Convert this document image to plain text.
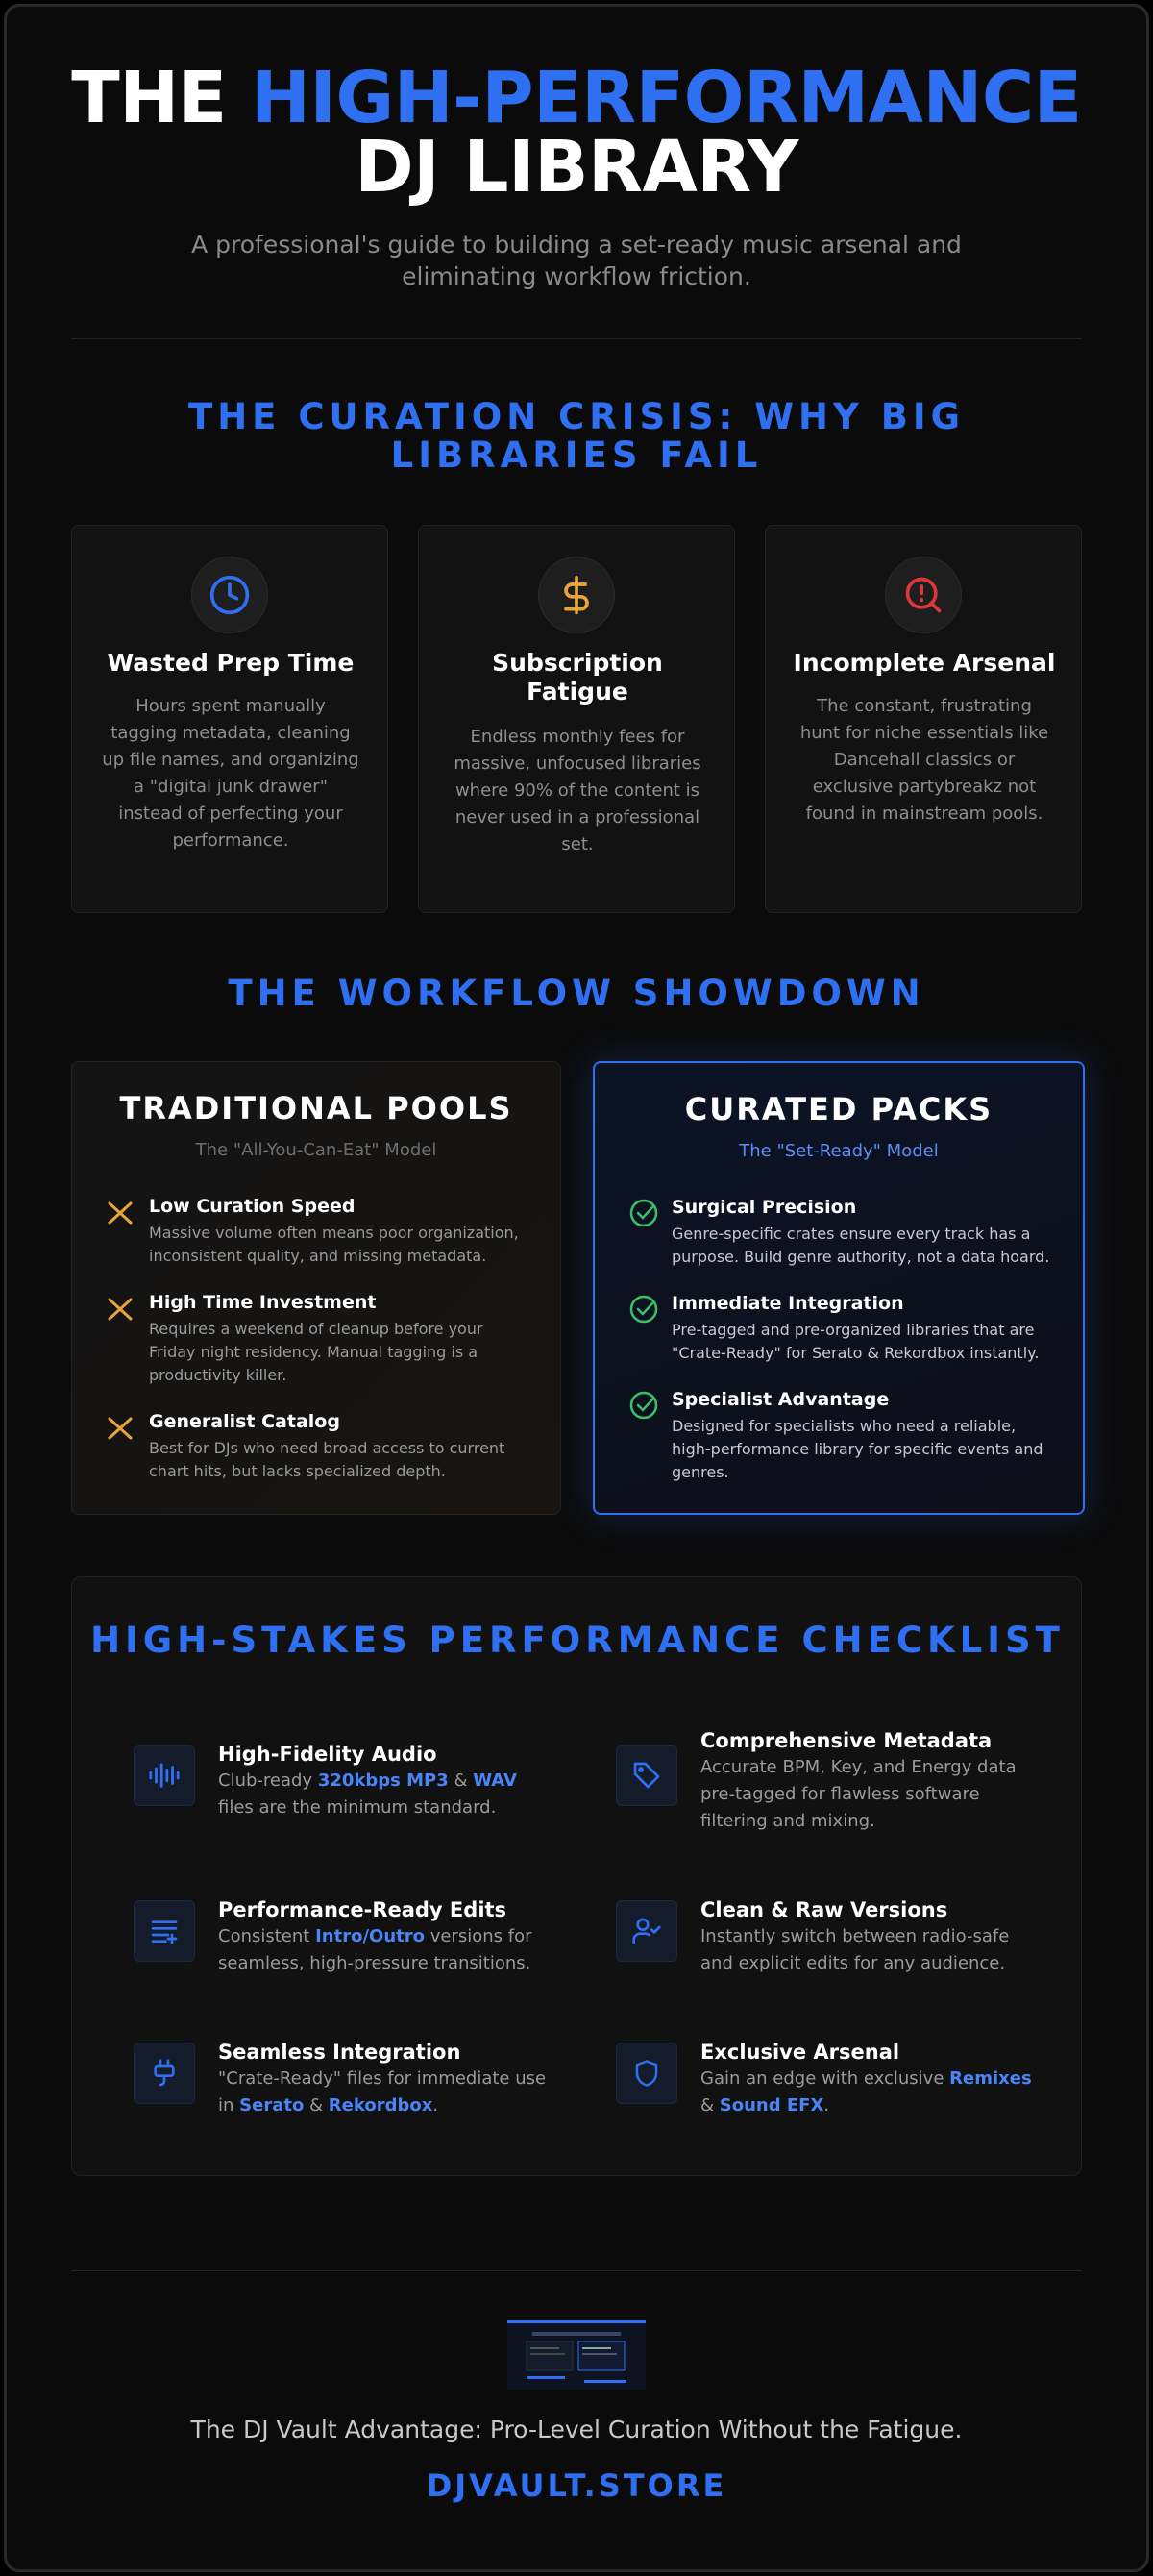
THE HIGH-PERFORMANCE
DJ LIBRARY
A professional's guide to building a set-ready music arsenal and eliminating workflow friction.
THE CURATION CRISIS: WHY BIG LIBRARIES FAIL
Wasted Prep Time
Hours spent manually tagging metadata, cleaning up file names, and organizing a "digital junk drawer" instead of perfecting your performance.
Subscription Fatigue
Endless monthly fees for massive, unfocused libraries where 90% of the content is never used in a professional set.
Incomplete Arsenal
The constant, frustrating hunt for niche essentials like Dancehall classics or exclusive partybreakz not found in mainstream pools.
THE WORKFLOW SHOWDOWN
TRADITIONAL POOLS
The "All-You-Can-Eat" Model
Low Curation Speed
Massive volume often means poor organization, inconsistent quality, and missing metadata.
High Time Investment
Requires a weekend of cleanup before your Friday night residency. Manual tagging is a productivity killer.
Generalist Catalog
Best for DJs who need broad access to current chart hits, but lacks specialized depth.
CURATED PACKS
The "Set-Ready" Model
Surgical Precision
Genre-specific crates ensure every track has a purpose. Build genre authority, not a data hoard.
Immediate Integration
Pre-tagged and pre-organized libraries that are "Crate-Ready" for Serato & Rekordbox instantly.
Specialist Advantage
Designed for specialists who need a reliable, high-performance library for specific events and genres.
HIGH-STAKES PERFORMANCE CHECKLIST
High-Fidelity Audio
Club-ready 320kbps MP3 & WAV files are the minimum standard.
Comprehensive Metadata
Accurate BPM, Key, and Energy data pre-tagged for flawless software filtering and mixing.
Performance-Ready Edits
Consistent Intro/Outro versions for seamless, high-pressure transitions.
Clean & Raw Versions
Instantly switch between radio-safe and explicit edits for any audience.
Seamless Integration
"Crate-Ready" files for immediate use in Serato & Rekordbox.
Exclusive Arsenal
Gain an edge with exclusive Remixes & Sound EFX.
The DJ Vault Advantage: Pro-Level Curation Without the Fatigue.
DJVAULT.STORE
